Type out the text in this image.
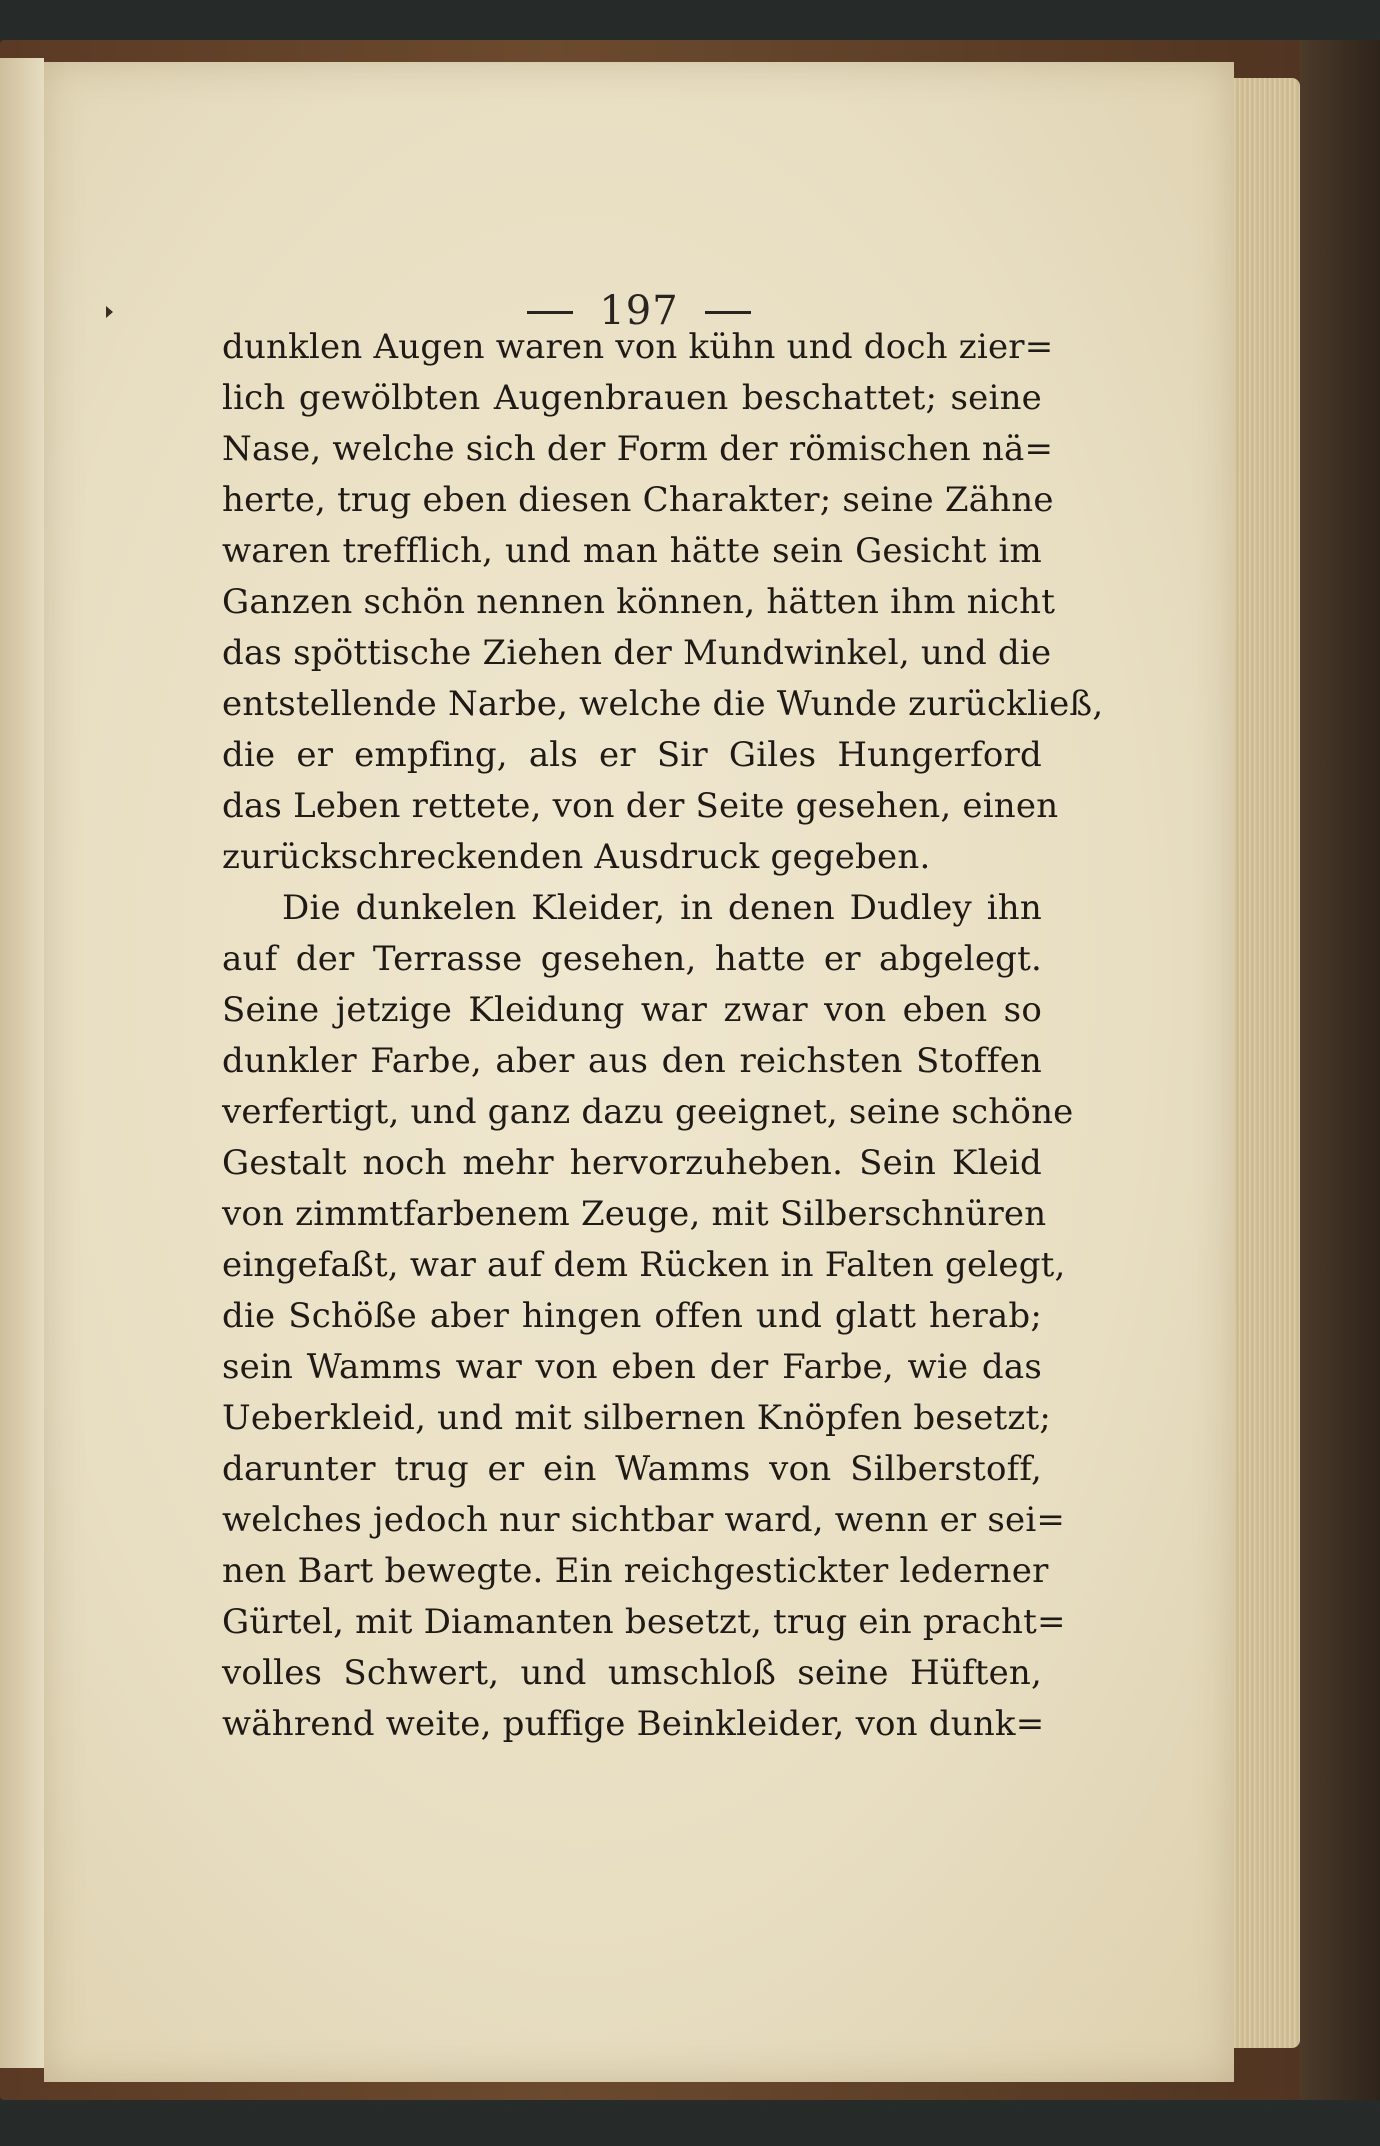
197
dunklen Augen waren von kühn und doch zier=
lich gewölbten Augenbrauen beschattet; seine
Nase, welche sich der Form der römischen nä=
herte, trug eben diesen Charakter; seine Zähne
waren trefflich, und man hätte sein Gesicht im
Ganzen schön nennen können, hätten ihm nicht
das spöttische Ziehen der Mundwinkel, und die
entstellende Narbe, welche die Wunde zurückließ,
die er empfing, als er Sir Giles Hungerford
das Leben rettete, von der Seite gesehen, einen
zurückschreckenden Ausdruck gegeben.
Die dunkelen Kleider, in denen Dudley ihn
auf der Terrasse gesehen, hatte er abgelegt.
Seine jetzige Kleidung war zwar von eben so
dunkler Farbe, aber aus den reichsten Stoffen
verfertigt, und ganz dazu geeignet, seine schöne
Gestalt noch mehr hervorzuheben. Sein Kleid
von zimmtfarbenem Zeuge, mit Silberschnüren
eingefaßt, war auf dem Rücken in Falten gelegt,
die Schöße aber hingen offen und glatt herab;
sein Wamms war von eben der Farbe, wie das
Ueberkleid, und mit silbernen Knöpfen besetzt;
darunter trug er ein Wamms von Silberstoff,
welches jedoch nur sichtbar ward, wenn er sei=
nen Bart bewegte. Ein reichgestickter lederner
Gürtel, mit Diamanten besetzt, trug ein pracht=
volles Schwert, und umschloß seine Hüften,
während weite, puffige Beinkleider, von dunk=
